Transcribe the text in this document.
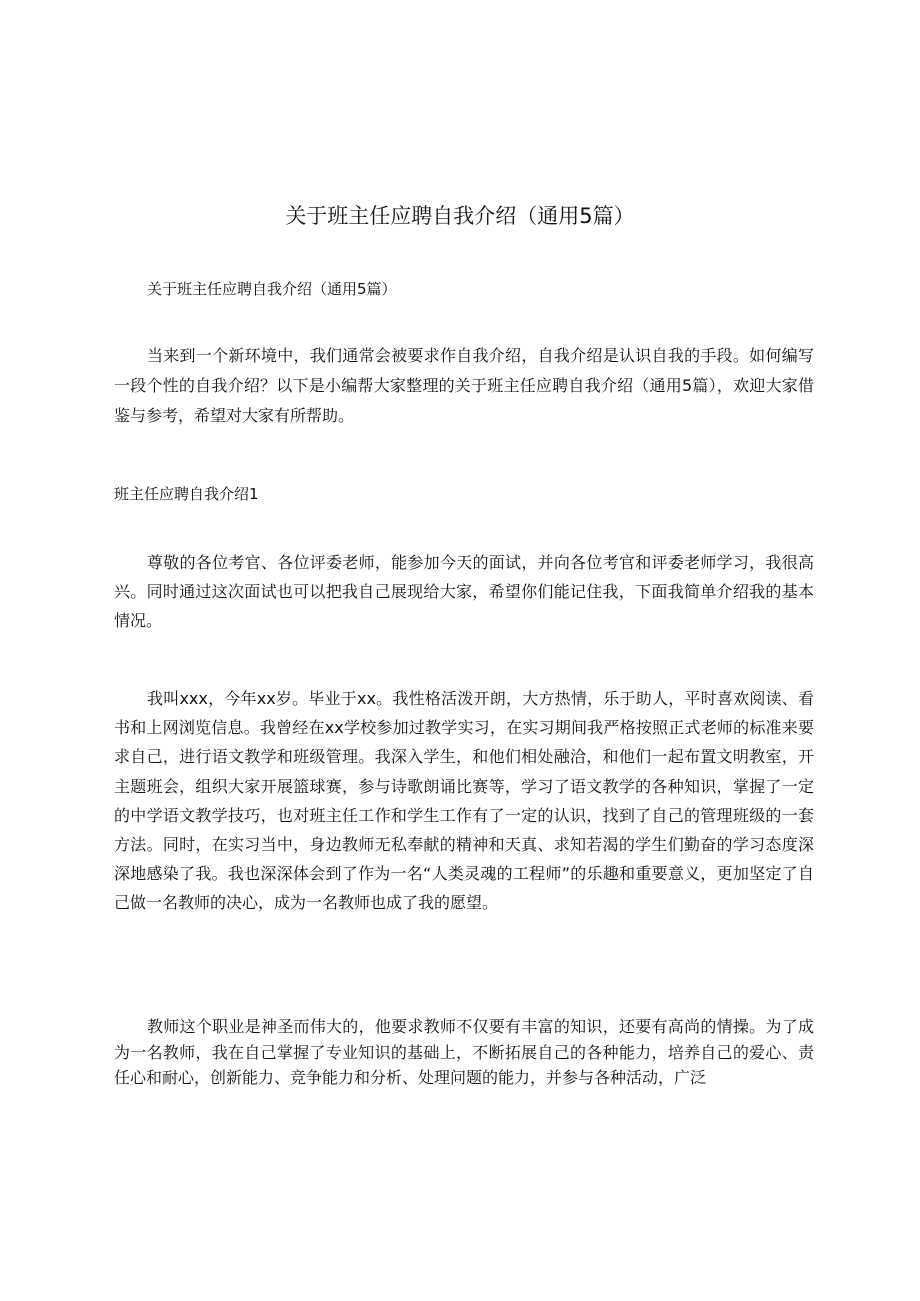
关于班主任应聘自我介绍（通用5篇）

关于班主任应聘自我介绍（通用5篇）

当来到一个新环境中，我们通常会被要求作自我介绍，自我介绍是认识自我的手段。如何编写一段个性的自我介绍？以下是小编帮大家整理的关于班主任应聘自我介绍（通用5篇），欢迎大家借鉴与参考，希望对大家有所帮助。

班主任应聘自我介绍1

尊敬的各位考官、各位评委老师，能参加今天的面试，并向各位考官和评委老师学习，我很高兴。同时通过这次面试也可以把我自己展现给大家，希望你们能记住我，下面我简单介绍我的基本情况。

我叫xxx，今年xx岁。毕业于xx。我性格活泼开朗，大方热情，乐于助人，平时喜欢阅读、看书和上网浏览信息。我曾经在xx学校参加过教学实习，在实习期间我严格按照正式老师的标准来要求自己，进行语文教学和班级管理。我深入学生，和他们相处融洽，和他们一起布置文明教室，开主题班会，组织大家开展篮球赛，参与诗歌朗诵比赛等，学习了语文教学的各种知识，掌握了一定的中学语文教学技巧，也对班主任工作和学生工作有了一定的认识，找到了自己的管理班级的一套方法。同时，在实习当中，身边教师无私奉献的精神和天真、求知若渴的学生们勤奋的学习态度深深地感染了我。我也深深体会到了作为一名“人类灵魂的工程师”的乐趣和重要意义，更加坚定了自己做一名教师的决心，成为一名教师也成了我的愿望。

教师这个职业是神圣而伟大的，他要求教师不仅要有丰富的知识，还要有高尚的情操。为了成为一名教师，我在自己掌握了专业知识的基础上，不断拓展自己的各种能力，培养自己的爱心、责任心和耐心，创新能力、竞争能力和分析、处理问题的能力，并参与各种活动，广泛
